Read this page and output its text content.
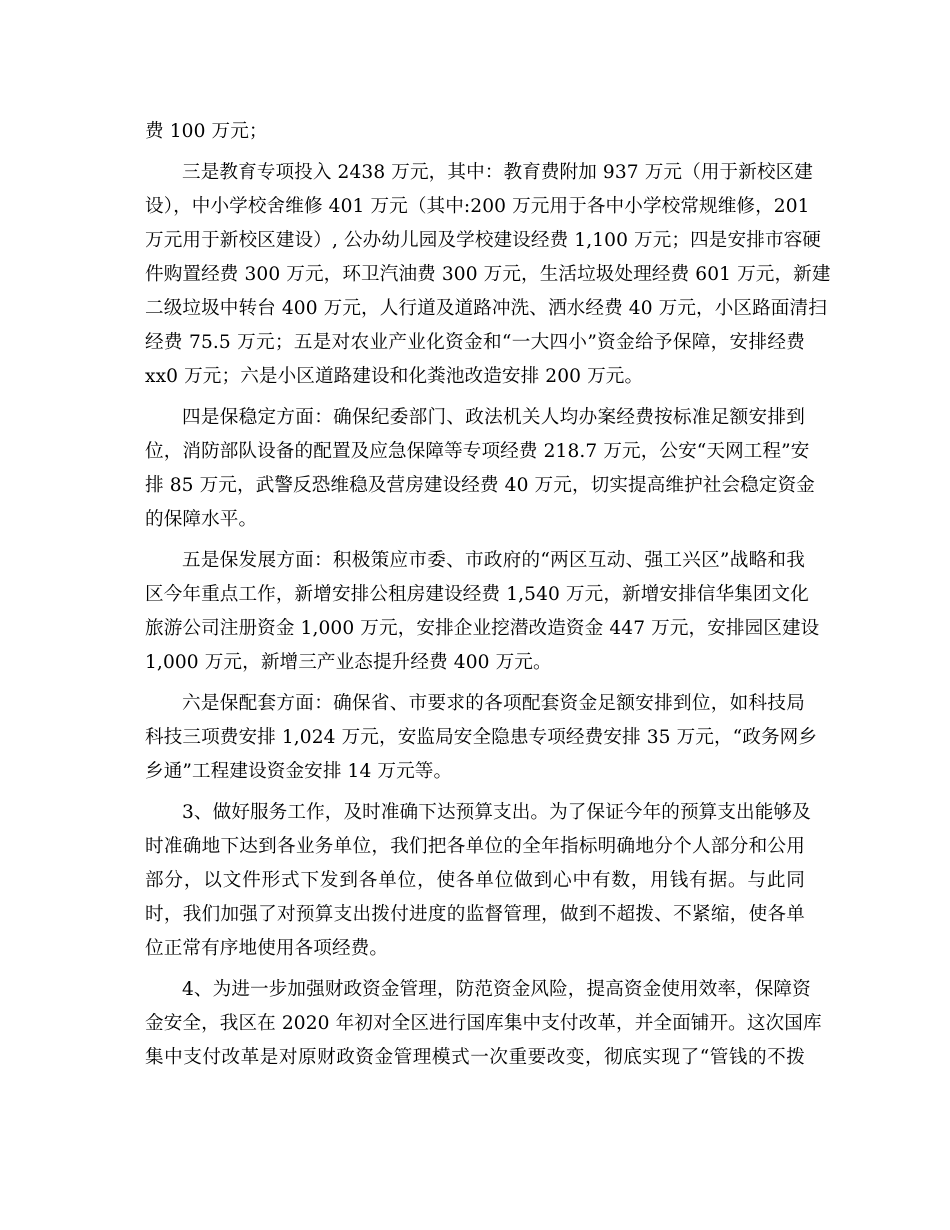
费 100 万元；
三是教育专项投入 2438 万元，其中：教育费附加 937 万元（用于新校区建
设），中小学校舍维修 401 万元（其中:200 万元用于各中小学校常规维修，201
万元用于新校区建设）, 公办幼儿园及学校建设经费 1,100 万元；四是安排市容硬
件购置经费 300 万元，环卫汽油费 300 万元，生活垃圾处理经费 601 万元，新建
二级垃圾中转台 400 万元，人行道及道路冲洗、洒水经费 40 万元，小区路面清扫
经费 75.5 万元；五是对农业产业化资金和“一大四小”资金给予保障，安排经费
xx0 万元；六是小区道路建设和化粪池改造安排 200 万元。
四是保稳定方面：确保纪委部门、政法机关人均办案经费按标准足额安排到
位，消防部队设备的配置及应急保障等专项经费 218.7 万元，公安“天网工程”安
排 85 万元，武警反恐维稳及营房建设经费 40 万元，切实提高维护社会稳定资金
的保障水平。
五是保发展方面：积极策应市委、市政府的“两区互动、强工兴区”战略和我
区今年重点工作，新增安排公租房建设经费 1,540 万元，新增安排信华集团文化
旅游公司注册资金 1,000 万元，安排企业挖潜改造资金 447 万元，安排园区建设
1,000 万元，新增三产业态提升经费 400 万元。
六是保配套方面：确保省、市要求的各项配套资金足额安排到位，如科技局
科技三项费安排 1,024 万元，安监局安全隐患专项经费安排 35 万元，“政务网乡
乡通”工程建设资金安排 14 万元等。
3、做好服务工作，及时准确下达预算支出。为了保证今年的预算支出能够及
时准确地下达到各业务单位，我们把各单位的全年指标明确地分个人部分和公用
部分，以文件形式下发到各单位，使各单位做到心中有数，用钱有据。与此同
时，我们加强了对预算支出拨付进度的监督管理，做到不超拨、不紧缩，使各单
位正常有序地使用各项经费。
4、为进一步加强财政资金管理，防范资金风险，提高资金使用效率，保障资
金安全，我区在 2020 年初对全区进行国库集中支付改革，并全面铺开。这次国库
集中支付改革是对原财政资金管理模式一次重要改变，彻底实现了“管钱的不拨
